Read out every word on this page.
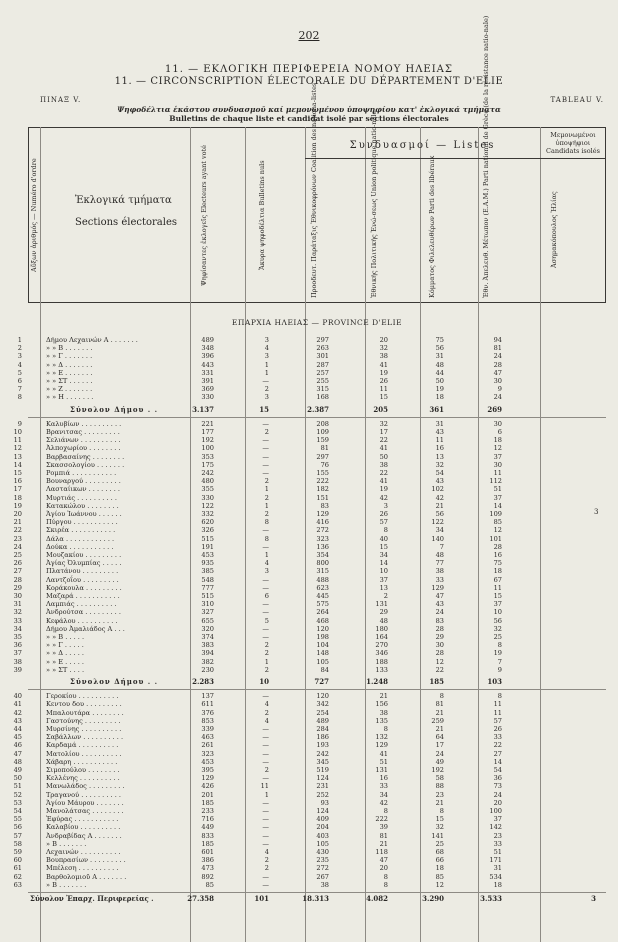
202
11. — ΕΚΛΟΓΙΚΗ ΠΕΡΙΦΕΡΕΙΑ ΝΟΜΟΥ ΗΛΕΙΑΣ
11. — CIRCONSCRIPTION ÉLECTORALE DU DÉPARTEMENT D'ELIE
ΠΙΝΑΞ V.	TABLEAU V.
Ψηφοδέλτια ἑκάστου συνδυασμοῦ καί μεμονωμένου ὑποψηφίου κατ' ἐκλογικά τμήματα
Bulletins de chaque liste et candidat isolé par sections électorales
Αὔξων ἀριθμός — Numéro d'ordre	Ἐκλογικά τμήματα
Sections électorales	Ψηφίσαντες ἐκλογεῖς Electeurs ayant voté	Ἄκυρα ψηφοδέλτια Bulletins nuls
Συνδυασμοί — Listes
Προοδευτ. Παράταξις Ἐθνικοφρόνων Coalition des nationa-listes	Ἐθνικής Πολιτικής Ἑνώ-σεως Union politique natio-nale	Κόμματος Φιλελευθέρων Parti des libéraux	Ἐθν. Ἀπελευθ. Μέτωπον (Ε.Α.Μ.) Parti national de Grèce (de la résistance natio-nale)	Μεμονωμένοι ὑποψήφιοι Candidats isolés
Ἀσημακόπουλος Ἠλίας
ΕΠΑΡΧΙΑ ΗΛΕΙΑΣ — PROVINCE D'ELIE
1	Δήμου Λεχαινών Α . . . . . . .	489	3	297	20	75	94
2	» » Β . . . . . . .	348	4	263	32	56	81
3	» » Γ . . . . . . .	396	3	301	38	31	24
4	» » Δ . . . . . . .	443	1	287	41	48	28
5	» » Ε . . . . . . .	331	1	257	19	44	47
6	» » ΣΤ . . . . . .	391	—	255	26	50	30
7	» » Ζ . . . . . . .	369	2	315	11	19	9
8	» » Η . . . . . . .	330	3	168	15	18	24
Σύνολον Δήμου . .	3.137	15	2.387	205	361	269
9	Καλυβίων . . . . . . . . . .	221	—	208	32	31	30
10	Βρανιτσας . . . . . . . . .	177	2	109	17	43	6
11	Σελιάνων . . . . . . . . . .	192	—	159	22	11	18
12	Ἀλποχωρίου . . . . . . . .	100	—	81	41	16	12
13	Βαρβασαίνης . . . . . . . .	353	—	297	50	13	37
14	Σκασσολογίου . . . . . . .	175	—	76	38	32	30
15	Ρομπιά . . . . . . . . . . .	242	—	155	22	54	11
16	Βουναργού . . . . . . . . .	480	2	222	41	43	112
17	Λασταίικων . . . . . . . .	355	1	182	19	102	51
18	Μυρτιάς . . . . . . . . . .	330	2	151	42	42	37
19	Κατακώλου . . . . . . . .	122	1	83	3	21	14
20	Ἁγίου Ἰωάννου . . . . . .	332	2	129	26	56	109
21	Πύργου . . . . . . . . . . .	620	8	416	57	122	85
22	Σκιρέα . . . . . . . . . . .	326	—	272	8	34	12
23	Δάλα . . . . . . . . . . . .	515	8	323	40	140	101
24	Δούκα . . . . . . . . . . .	191	—	136	15	7	28
25	Μουζακίου . . . . . . . . .	453	1	354	34	48	16
26	Ἀγίας Ὀλυμπίας . . . . .	935	4	800	14	77	75
27	Πλατάνου . . . . . . . . .	385	3	315	10	38	18
28	Λαντζοΐου . . . . . . . . .	548	—	488	37	33	67
29	Κοράκουλα . . . . . . . . .	777	—	623	13	129	11
30	Μαζαρά . . . . . . . . . . .	515	6	445	2	47	15
31	Λαμπιάς . . . . . . . . . .	310	—	575	131	43	37
32	Ἀνδρούτσα . . . . . . . . .	327	—	264	29	24	10
33	Κεφάλου . . . . . . . . . .	655	5	468	48	83	56
34	Δήμου Ἀμαλιάδος Α . . .	320	—	120	180	28	32
35	» » Β . . . . .	374	—	198	164	29	25
36	» » Γ . . . . .	383	2	104	270	30	8
37	» » Δ . . . . .	394	2	148	346	28	19
38	» » Ε . . . . .	382	1	105	188	12	7
39	» » ΣΤ . . . .	230	2	84	133	22	9
Σύνολον Δήμου . .	2.283	10	727	1.248	185	103
40	Γεροκίου . . . . . . . . . .	137	—	120	21	8	8
41	Κεντου δου . . . . . . . . .	611	4	342	156	81	11
42	Μπαλουτάρα . . . . . . . .	376	2	254	38	21	11
43	Γαστούνης . . . . . . . . .	853	4	489	135	259	57
44	Μυρσίνης . . . . . . . . . .	339	—	284	8	21	26
45	Σαβάλλων . . . . . . . . . .	463	—	186	132	64	33
46	Καρδαμά . . . . . . . . . .	261	—	193	129	17	22
47	Ματολίου . . . . . . . . . .	323	—	242	41	24	27
48	Χάβαρη . . . . . . . . . . .	453	—	345	51	49	14
49	Σιμοπούλου . . . . . . . .	395	2	519	131	192	54
50	Κελλένης . . . . . . . . . .	129	—	124	16	58	36
51	Μανωλάδος . . . . . . . . .	426	11	231	33	88	73
52	Τραγανού . . . . . . . . . .	201	1	252	34	23	24
53	Ἁγίου Μάυρου . . . . . . .	185	—	93	42	21	20
54	Μανολάτσας . . . . . . . .	233	—	124	8	8	100
55	Ἐφύρας . . . . . . . . . . .	716	—	409	222	15	37
56	Καλαβίου . . . . . . . . . .	449	—	204	39	32	142
57	Ἀνδραβίδας Α . . . . . . .	833	—	403	81	141	23
58	» Β . . . . . . .	185	—	105	21	25	33
59	Λεχαινών . . . . . . . . . .	601	4	430	118	68	51
60	Βουπρασίων . . . . . . . . .	386	2	235	47	66	171
61	Μπέλεση . . . . . . . . . .	473	2	272	20	18	31
62	Βαρθολομιοῦ Α . . . . . . .	892	—	267	8	85	534
63	» Β . . . . . . .	85	—	38	8	12	18
Σύνολον Ἐπαρχ. Περιφερείας .	27.358	101	18.313	4.082	3.290	3.533	3
3
